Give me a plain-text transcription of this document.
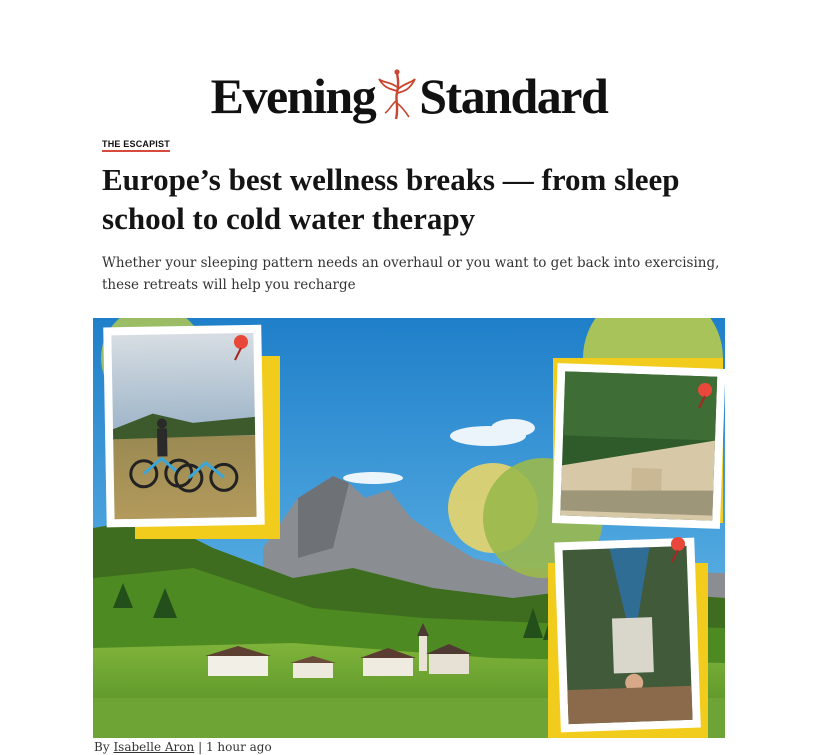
Evening Standard
THE ESCAPIST
Europe’s best wellness breaks — from sleep school to cold water therapy

Whether your sleeping pattern needs an overhaul or you want to get back into exercising, these retreats will help you recharge

By Isabelle Aron | 1 hour ago
